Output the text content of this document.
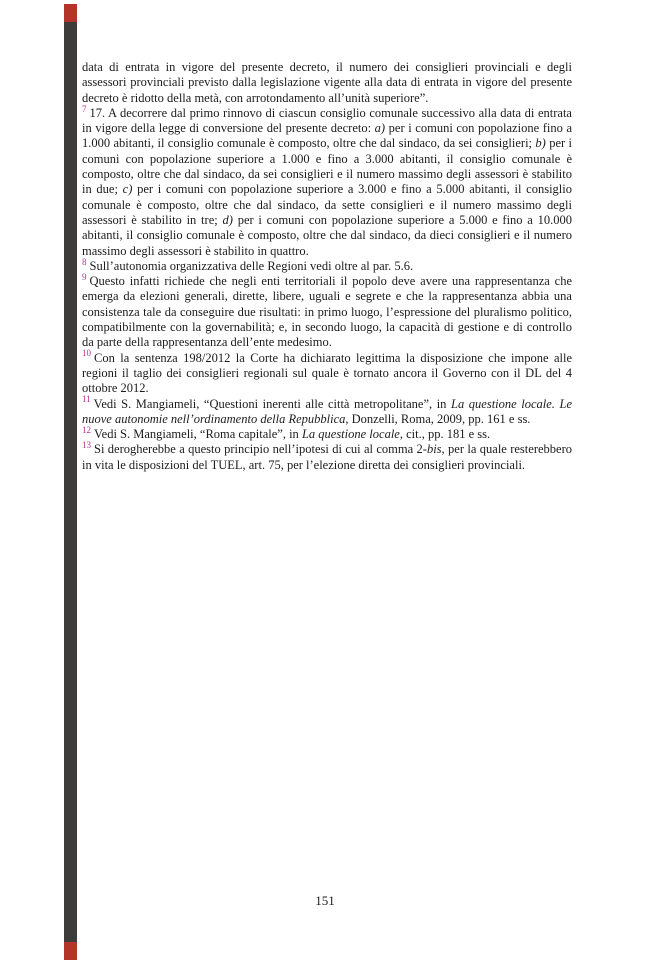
data di entrata in vigore del presente decreto, il numero dei consiglieri provinciali e degli assessori provinciali previsto dalla legislazione vigente alla data di entrata in vigore del presente decreto è ridotto della metà, con arrotondamento all’unità superiore”.

$^7$ 17. A decorrere dal primo rinnovo di ciascun consiglio comunale successivo alla data di entrata in vigore della legge di conversione del presente decreto: a) per i comuni con popolazione fino a 1.000 abitanti, il consiglio comunale è composto, oltre che dal sindaco, da sei consiglieri; b) per i comuni con popolazione superiore a 1.000 e fino a 3.000 abitanti, il consiglio comunale è composto, oltre che dal sindaco, da sei consiglieri e il numero massimo degli assessori è stabilito in due; c) per i comuni con popolazione superiore a 3.000 e fino a 5.000 abitanti, il consiglio comunale è composto, oltre che dal sindaco, da sette consiglieri e il numero massimo degli assessori è stabilito in tre; d) per i comuni con popolazione superiore a 5.000 e fino a 10.000 abitanti, il consiglio comunale è composto, oltre che dal sindaco, da dieci consiglieri e il numero massimo degli assessori è stabilito in quattro.

$^8$ Sull’autonomia organizzativa delle Regioni vedi oltre al par. 5.6.

$^9$ Questo infatti richiede che negli enti territoriali il popolo deve avere una rappresentanza che emerga da elezioni generali, dirette, libere, uguali e segrete e che la rappresentanza abbia una consistenza tale da conseguire due risultati: in primo luogo, l’espressione del pluralismo politico, compatibilmente con la governabilità; e, in secondo luogo, la capacità di gestione e di controllo da parte della rappresentanza dell’ente medesimo.

$^{10}$ Con la sentenza 198/2012 la Corte ha dichiarato legittima la disposizione che impone alle regioni il taglio dei consiglieri regionali sul quale è tornato ancora il Governo con il DL del 4 ottobre 2012.

$^{11}$ Vedi S. Mangiameli, “Questioni inerenti alle città metropolitane”, in La questione locale. Le nuove autonomie nell’ordinamento della Repubblica, Donzelli, Roma, 2009, pp. 161 e ss.

$^{12}$ Vedi S. Mangiameli, “Roma capitale”, in La questione locale, cit., pp. 181 e ss.

$^{13}$ Si derogherebbe a questo principio nell’ipotesi di cui al comma 2-bis, per la quale resterebbero in vita le disposizioni del TUEL, art. 75, per l’elezione diretta dei consiglieri provinciali.

151
